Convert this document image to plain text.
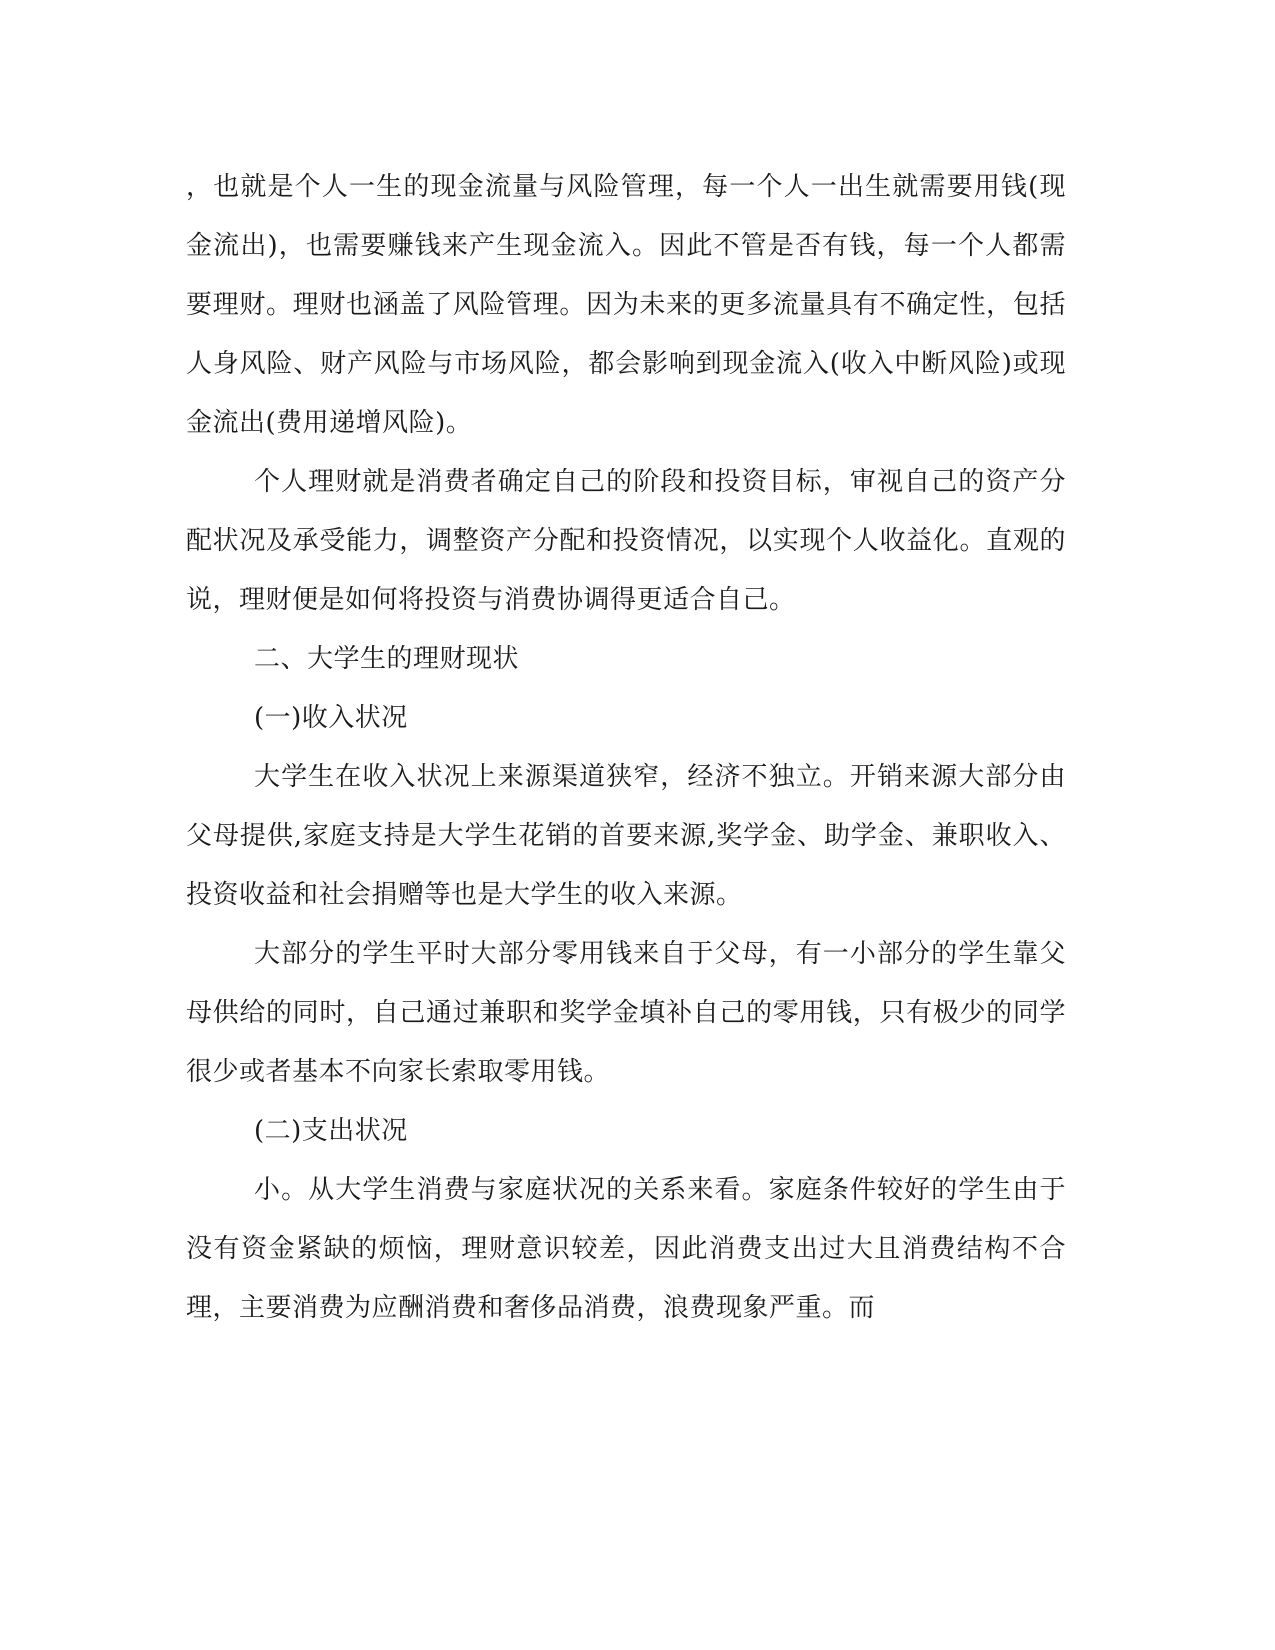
，也就是个人一生的现金流量与风险管理，每一个人一出生就需要用钱(现金流出)，也需要赚钱来产生现金流入。因此不管是否有钱，每一个人都需要理财。理财也涵盖了风险管理。因为未来的更多流量具有不确定性，包括人身风险、财产风险与市场风险，都会影响到现金流入(收入中断风险)或现金流出(费用递增风险)。

个人理财就是消费者确定自己的阶段和投资目标，审视自己的资产分配状况及承受能力，调整资产分配和投资情况，以实现个人收益化。直观的说，理财便是如何将投资与消费协调得更适合自己。

二、大学生的理财现状

(一)收入状况

大学生在收入状况上来源渠道狭窄，经济不独立。开销来源大部分由父母提供,家庭支持是大学生花销的首要来源,奖学金、助学金、兼职收入、投资收益和社会捐赠等也是大学生的收入来源。

大部分的学生平时大部分零用钱来自于父母，有一小部分的学生靠父母供给的同时，自己通过兼职和奖学金填补自己的零用钱，只有极少的同学很少或者基本不向家长索取零用钱。

(二)支出状况

小。从大学生消费与家庭状况的关系来看。家庭条件较好的学生由于没有资金紧缺的烦恼，理财意识较差，因此消费支出过大且消费结构不合理，主要消费为应酬消费和奢侈品消费，浪费现象严重。而
